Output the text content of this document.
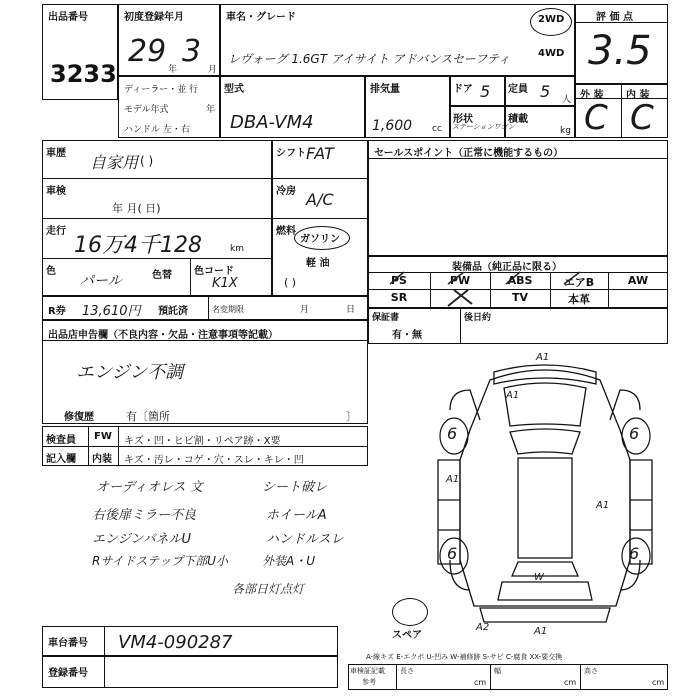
出品番号
3233
初度登録年月
29 3
年	月
車名・グレード
レヴォーグ 1.6GT アイサイト アドバンスセーフティ
2WD
4WD
評 価 点
3.5
ディーラー・並 行
モデル年式	年
ハンドル 左・右
型式
DBA-VM4
排気量
1,600 cc
ドア 5 定員 5 人
形状
ステーションワゴン
積載
kg
外 装 内 装
C C
車歴 自家用 ( )
車検
年 月( 日)
走行
16万4千128	km
色
パール	色替 色コード
K1X
シフト FAT
冷房 A/C
燃料
ガソリン
軽 油
( )
R券 13,610円 預託済	名変期限	月	日
セールスポイント（正常に機能するもの）
装備品（純正品に限る）
PS	PW	ABS	エアB	AW
SR	TV	本革
保証書
有・無
後日約
出品店申告欄（不良内容・欠品・注意事項等記載）
エンジン不調
修復歴	有〔箇所	〕
検査員
記入欄
FW
内装
キズ・凹・ヒビ割・リペア跡・X要
キズ・汚レ・コゲ・穴・スレ・キレ・凹
オーディオレス 文	シート破レ
右後扉ミラー不良	ホイールA
エンジンパネルU	ハンドルスレ
Rサイドステップ下部U小	外装A・U
各部日灯点灯
6	6
6	6
A1
A1
A1
A1
W
A2	A1
スペア
車台番号 VM4-090287
登録番号
A-線キズ E-エクボ U-凹み W-補修跡 S-サビ C-腐食 XX-要交換
車検証記載
参考
長さ
cm
幅
cm
高さ
cm
